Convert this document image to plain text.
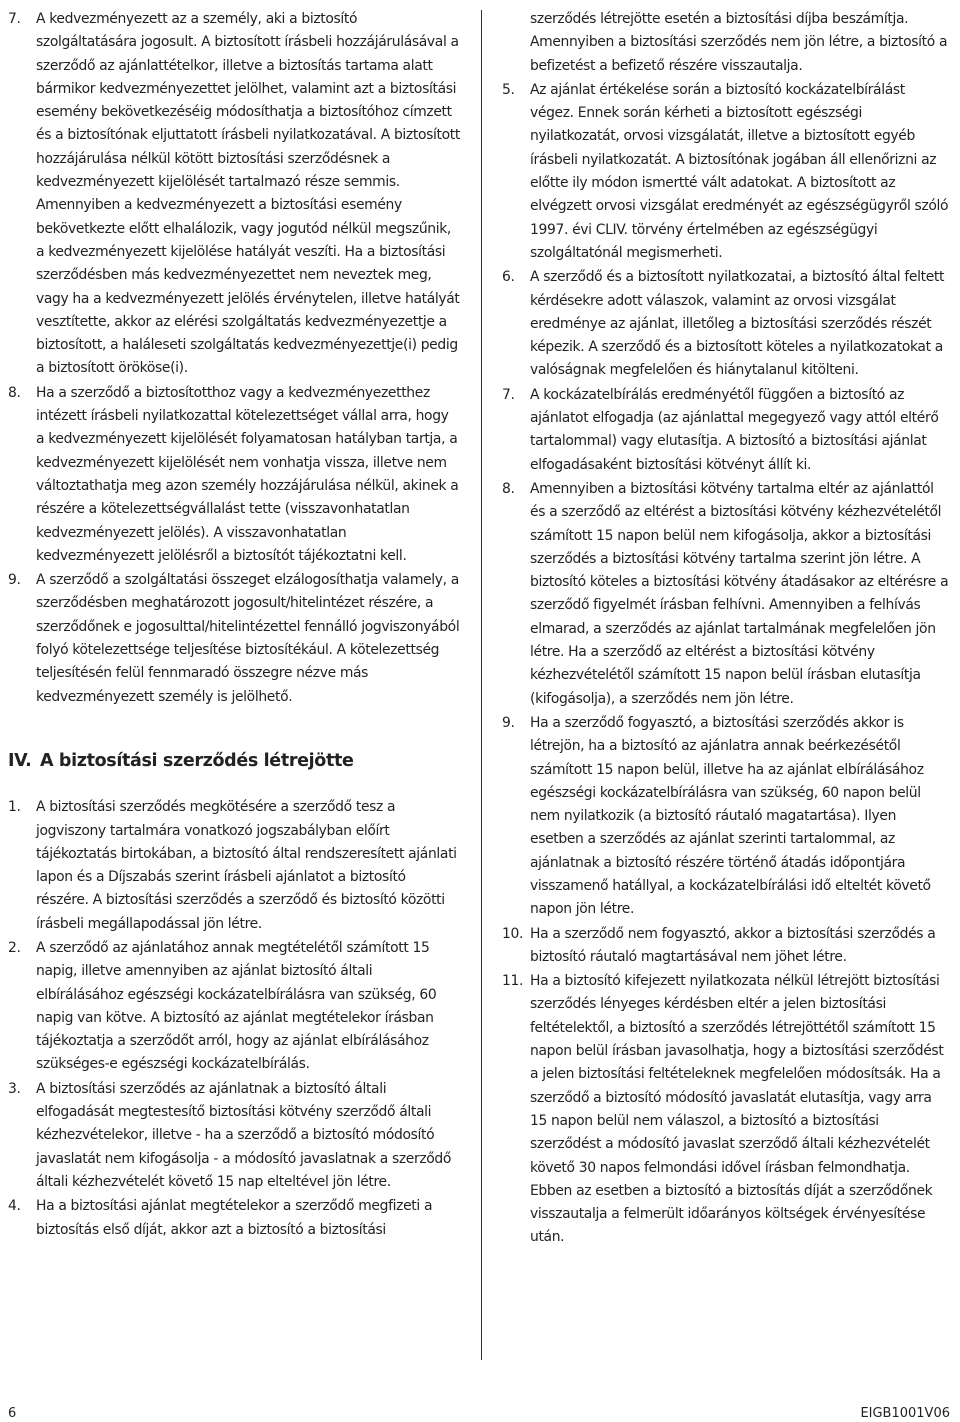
7. A kedvezményezett az a személy, aki a biztosító szolgáltatására jogosult. A biztosított írásbeli hozzájárulásával a szerződő az ajánlattételkor, illetve a biztosítás tartama alatt bármikor kedvezményezettet jelölhet, valamint azt a biztosítási esemény bekövetkezéséig módosíthatja a biztosítóhoz címzett és a biztosítónak eljuttatott írásbeli nyilatkozatával. A biztosított hozzájárulása nélkül kötött biztosítási szerződésnek a kedvezményezett kijelölését tartalmazó része semmis. Amennyiben a kedvezményezett a biztosítási esemény bekövetkezte előtt elhalálozik, vagy jogutód nélkül megszűnik, a kedvezményezett kijelölése hatályát veszíti. Ha a biztosítási szerződésben más kedvezményezettet nem neveztek meg, vagy ha a kedvezményezett jelölés érvénytelen, illetve hatályát vesztítette, akkor az elérési szolgáltatás kedvezményezettje a biztosított, a haláleseti szolgáltatás kedvezményezettje(i) pedig a biztosított örököse(i).
8. Ha a szerződő a biztosítotthoz vagy a kedvezményezetthez intézett írásbeli nyilatkozattal kötelezettséget vállal arra, hogy a kedvezményezett kijelölését folyamatosan hatályban tartja, a kedvezményezett kijelölését nem vonhatja vissza, illetve nem változtathatja meg azon személy hozzájárulása nélkül, akinek a részére a kötelezettségvállalást tette (visszavonhatatlan kedvezményezett jelölés). A visszavonhatatlan kedvezményezett jelölésről a biztosítót tájékoztatni kell.
9. A szerződő a szolgáltatási összeget elzálogosíthatja valamely, a szerződésben meghatározott jogosult/hitelintézet részére, a szerződőnek e jogosulttal/hitelintézettel fennálló jogviszonyából folyó kötelezettsége teljesítése biztosítékául. A kötelezettség teljesítésén felül fennmaradó összegre nézve más kedvezményezett személy is jelölhető.
IV. A biztosítási szerződés létrejötte
1. A biztosítási szerződés megkötésére a szerződő tesz a jogviszony tartalmára vonatkozó jogszabályban előírt tájékoztatás birtokában, a biztosító által rendszeresített ajánlati lapon és a Díjszabás szerint írásbeli ajánlatot a biztosító részére. A biztosítási szerződés a szerződő és biztosító közötti írásbeli megállapodással jön létre.
2. A szerződő az ajánlatához annak megtételétől számított 15 napig, illetve amennyiben az ajánlat biztosító általi elbírálásához egészségi kockázatelbírálásra van szükség, 60 napig van kötve. A biztosító az ajánlat megtételekor írásban tájékoztatja a szerződőt arról, hogy az ajánlat elbírálásához szükséges-e egészségi kockázatelbírálás.
3. A biztosítási szerződés az ajánlatnak a biztosító általi elfogadását megtestesítő biztosítási kötvény szerződő általi kézhezvételekor, illetve - ha a szerződő a biztosító módosító javaslatát nem kifogásolja - a módosító javaslatnak a szerződő általi kézhezvételét követő 15 nap elteltével jön létre.
4. Ha a biztosítási ajánlat megtételekor a szerződő megfizeti a biztosítás első díját, akkor azt a biztosító a biztosítási
szerződés létrejötte esetén a biztosítási díjba beszámítja. Amennyiben a biztosítási szerződés nem jön létre, a biztosító a befizetést a befizető részére visszautalja.
5. Az ajánlat értékelése során a biztosító kockázatelbírálást végez. Ennek során kérheti a biztosított egészségi nyilatkozatát, orvosi vizsgálatát, illetve a biztosított egyéb írásbeli nyilatkozatát. A biztosítónak jogában áll ellenőrizni az előtte ily módon ismertté vált adatokat. A biztosított az elvégzett orvosi vizsgálat eredményét az egészségügyről szóló 1997. évi CLIV. törvény értelmében az egészségügyi szolgáltatónál megismerheti.
6. A szerződő és a biztosított nyilatkozatai, a biztosító által feltett kérdésekre adott válaszok, valamint az orvosi vizsgálat eredménye az ajánlat, illetőleg a biztosítási szerződés részét képezik. A szerződő és a biztosított köteles a nyilatkozatokat a valóságnak megfelelően és hiánytalanul kitölteni.
7. A kockázatelbírálás eredményétől függően a biztosító az ajánlatot elfogadja (az ajánlattal megegyező vagy attól eltérő tartalommal) vagy elutasítja. A biztosító a biztosítási ajánlat elfogadásaként biztosítási kötvényt állít ki.
8. Amennyiben a biztosítási kötvény tartalma eltér az ajánlattól és a szerződő az eltérést a biztosítási kötvény kézhezvételétől számított 15 napon belül nem kifogásolja, akkor a biztosítási szerződés a biztosítási kötvény tartalma szerint jön létre. A biztosító köteles a biztosítási kötvény átadásakor az eltérésre a szerződő figyelmét írásban felhívni. Amennyiben a felhívás elmarad, a szerződés az ajánlat tartalmának megfelelően jön létre. Ha a szerződő az eltérést a biztosítási kötvény kézhezvételétől számított 15 napon belül írásban elutasítja (kifogásolja), a szerződés nem jön létre.
9. Ha a szerződő fogyasztó, a biztosítási szerződés akkor is létrejön, ha a biztosító az ajánlatra annak beérkezésétől számított 15 napon belül, illetve ha az ajánlat elbírálásához egészségi kockázatelbírálásra van szükség, 60 napon belül nem nyilatkozik (a biztosító ráutaló magatartása). Ilyen esetben a szerződés az ajánlat szerinti tartalommal, az ajánlatnak a biztosító részére történő átadás időpontjára visszamenő hatállyal, a kockázatelbírálási idő elteltét követő napon jön létre.
10. Ha a szerződő nem fogyasztó, akkor a biztosítási szerződés a biztosító ráutaló magtartásával nem jöhet létre.
11. Ha a biztosító kifejezett nyilatkozata nélkül létrejött biztosítási szerződés lényeges kérdésben eltér a jelen biztosítási feltételektől, a biztosító a szerződés létrejöttétől számított 15 napon belül írásban javasolhatja, hogy a biztosítási szerződést a jelen biztosítási feltételeknek megfelelően módosítsák. Ha a szerződő a biztosító módosító javaslatát elutasítja, vagy arra 15 napon belül nem válaszol, a biztosító a biztosítási szerződést a módosító javaslat szerződő általi kézhezvételét követő 30 napos felmondási idővel írásban felmondhatja. Ebben az esetben a biztosító a biztosítás díját a szerződőnek visszautalja a felmerült időarányos költségek érvényesítése után.
6	EIGB1001V06
